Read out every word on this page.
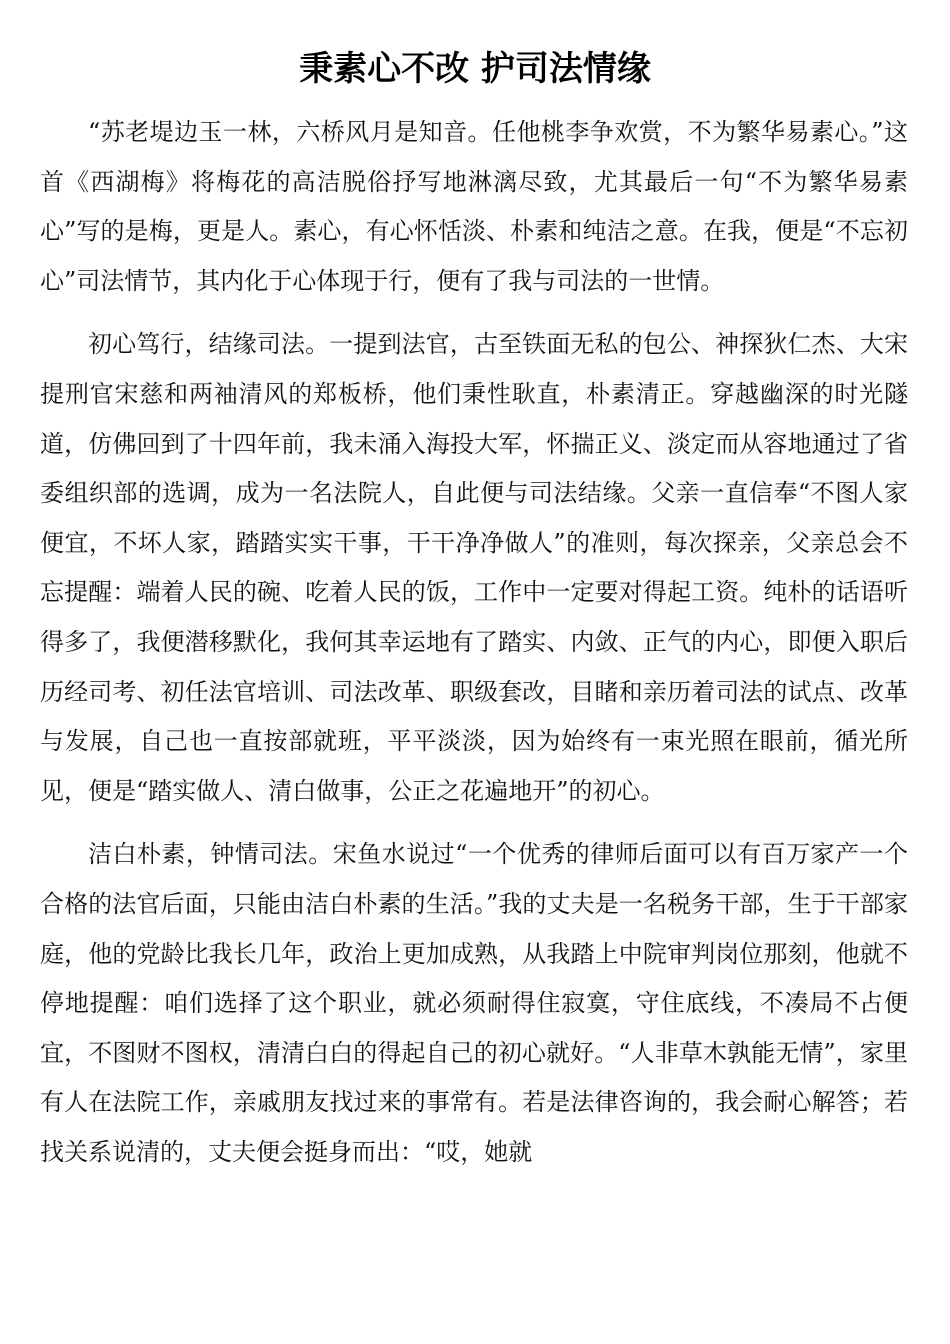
秉素心不改 护司法情缘

“苏老堤边玉一林，六桥风月是知音。任他桃李争欢赏，不为繁华易素心。”这首《西湖梅》将梅花的高洁脱俗抒写地淋漓尽致，尤其最后一句“不为繁华易素心”写的是梅，更是人。素心，有心怀恬淡、朴素和纯洁之意。在我，便是“不忘初心”司法情节，其内化于心体现于行，便有了我与司法的一世情。

初心笃行，结缘司法。一提到法官，古至铁面无私的包公、神探狄仁杰、大宋提刑官宋慈和两袖清风的郑板桥，他们秉性耿直，朴素清正。穿越幽深的时光隧道，仿佛回到了十四年前，我未涌入海投大军，怀揣正义、淡定而从容地通过了省委组织部的选调，成为一名法院人，自此便与司法结缘。父亲一直信奉“不图人家便宜，不坏人家，踏踏实实干事，干干净净做人”的准则，每次探亲，父亲总会不忘提醒：端着人民的碗、吃着人民的饭，工作中一定要对得起工资。纯朴的话语听得多了，我便潜移默化，我何其幸运地有了踏实、内敛、正气的内心，即便入职后历经司考、初任法官培训、司法改革、职级套改，目睹和亲历着司法的试点、改革与发展，自己也一直按部就班，平平淡淡，因为始终有一束光照在眼前，循光所见，便是“踏实做人、清白做事，公正之花遍地开”的初心。

洁白朴素，钟情司法。宋鱼水说过“一个优秀的律师后面可以有百万家产一个合格的法官后面，只能由洁白朴素的生活。”我的丈夫是一名税务干部，生于干部家庭，他的党龄比我长几年，政治上更加成熟，从我踏上中院审判岗位那刻，他就不停地提醒：咱们选择了这个职业，就必须耐得住寂寞，守住底线，不凑局不占便宜，不图财不图权，清清白白的得起自己的初心就好。“人非草木孰能无情”，家里有人在法院工作，亲戚朋友找过来的事常有。若是法律咨询的，我会耐心解答；若找关系说清的，丈夫便会挺身而出：“哎，她就
